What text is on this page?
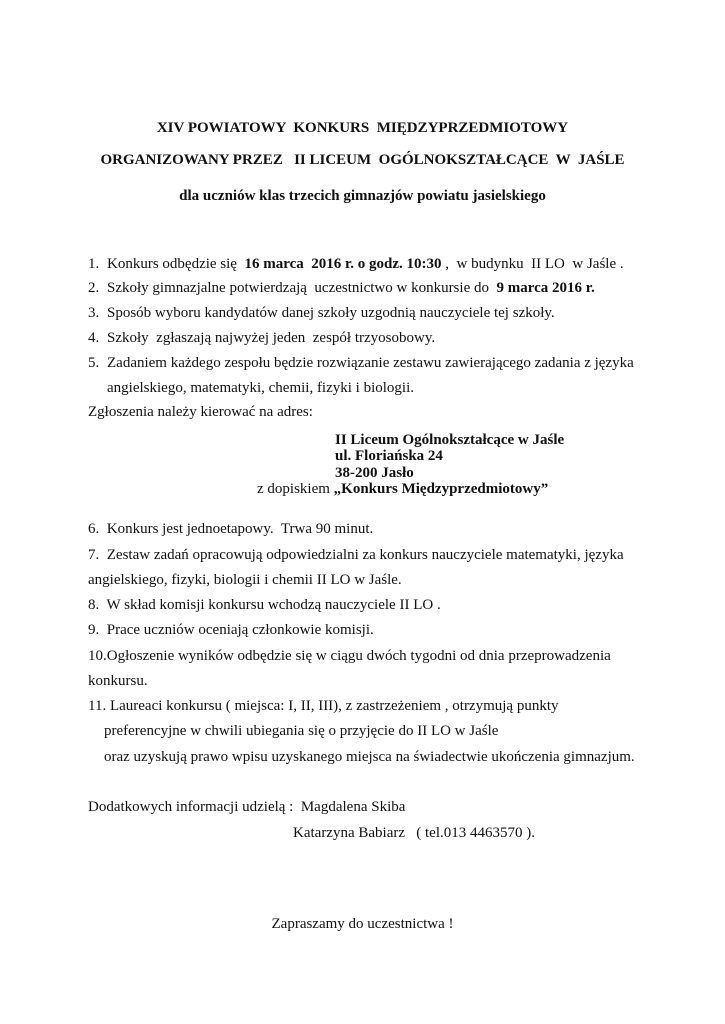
XIV POWIATOWY  KONKURS  MIĘDZYPRZEDMIOTOWY
ORGANIZOWANY PRZEZ   II LICEUM  OGÓLNOKSZTAŁCĄCE  W  JAŚLE
dla uczniów klas trzecich gimnazjów powiatu jasielskiego
1. Konkurs odbędzie się  16 marca  2016 r. o godz. 10:30 ,  w budynku  II LO  w Jaśle .
2. Szkoły gimnazjalne potwierdzają  uczestnictwo w konkursie do  9 marca 2016 r.
3. Sposób wyboru kandydatów danej szkoły uzgodnią nauczyciele tej szkoły.
4. Szkoły  zgłaszają najwyżej jeden  zespół trzyosobowy.
5. Zadaniem każdego zespołu będzie rozwiązanie zestawu zawierającego zadania z języka
angielskiego, matematyki, chemii, fizyki i biologii.
Zgłoszenia należy kierować na adres:
II Liceum Ogólnokształcące w Jaśle
ul. Floriańska 24
38-200 Jasło
z dopiskiem „Konkurs Międzyprzedmiotowy”
6.  Konkurs jest jednoetapowy.  Trwa 90 minut.
7.  Zestaw zadań opracowują odpowiedzialni za konkurs nauczyciele matematyki, języka
angielskiego, fizyki, biologii i chemii II LO w Jaśle.
8.  W skład komisji konkursu wchodzą nauczyciele II LO .
9.  Prace uczniów oceniają członkowie komisji.
10.Ogłoszenie wyników odbędzie się w ciągu dwóch tygodni od dnia przeprowadzenia
konkursu.
11. Laureaci konkursu ( miejsca: I, II, III), z zastrzeżeniem , otrzymują punkty
preferencyjne w chwili ubiegania się o przyjęcie do II LO w Jaśle
oraz uzyskują prawo wpisu uzyskanego miejsca na świadectwie ukończenia gimnazjum.
Dodatkowych informacji udzielą :  Magdalena Skiba
Katarzyna Babiarz   ( tel.013 4463570 ).
Zapraszamy do uczestnictwa !
